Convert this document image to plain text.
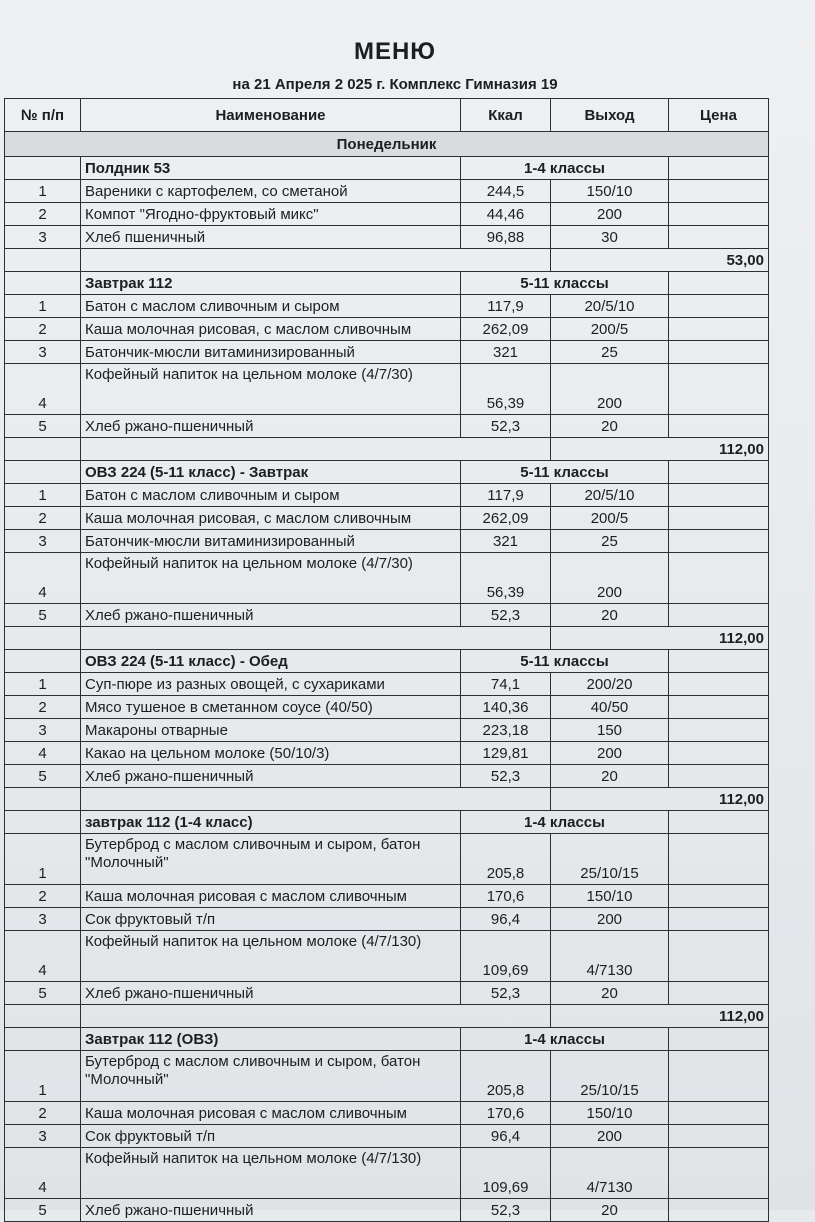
МЕНЮ
на 21 Апреля 2 025 г. Комплекс Гимназия 19
№ п/п	Наименование	Ккал	Выход	Цена
Понедельник				
	Полдник 53	1-4 классы		
1	Вареники с картофелем, со сметаной	244,5	150/10	
2	Компот "Ягодно-фруктовый микс"	44,46	200	
3	Хлеб пшеничный	96,88	30	
			53,00	
	Завтрак 112	5-11 классы		
1	Батон с маслом сливочным и сыром	117,9	20/5/10	
2	Каша молочная рисовая, с маслом сливочным	262,09	200/5	
3	Батончик-мюсли витаминизированный	321	25	
4	Кофейный напиток на цельном молоке (4/7/30)	56,39	200	
5	Хлеб ржано-пшеничный	52,3	20	
			112,00	
	ОВЗ 224 (5-11 класс) - Завтрак	5-11 классы		
1	Батон с маслом сливочным и сыром	117,9	20/5/10	
2	Каша молочная рисовая, с маслом сливочным	262,09	200/5	
3	Батончик-мюсли витаминизированный	321	25	
4	Кофейный напиток на цельном молоке (4/7/30)	56,39	200	
5	Хлеб ржано-пшеничный	52,3	20	
			112,00	
	ОВЗ 224 (5-11 класс) - Обед	5-11 классы		
1	Суп-пюре из разных овощей, с сухариками	74,1	200/20	
2	Мясо тушеное в сметанном соусе (40/50)	140,36	40/50	
3	Макароны отварные	223,18	150	
4	Какао на цельном молоке (50/10/3)	129,81	200	
5	Хлеб ржано-пшеничный	52,3	20	
			112,00	
	завтрак 112 (1-4 класс)	1-4 классы		
1	Бутерброд с маслом сливочным и сыром, батон "Молочный"	205,8	25/10/15	
2	Каша молочная рисовая с маслом сливочным	170,6	150/10	
3	Сок фруктовый т/п	96,4	200	
4	Кофейный напиток на цельном молоке (4/7/130)	109,69	4/7130	
5	Хлеб ржано-пшеничный	52,3	20	
			112,00	
	Завтрак 112 (ОВЗ)	1-4 классы		
1	Бутерброд с маслом сливочным и сыром, батон "Молочный"	205,8	25/10/15	
2	Каша молочная рисовая с маслом сливочным	170,6	150/10	
3	Сок фруктовый т/п	96,4	200	
4	Кофейный напиток на цельном молоке (4/7/130)	109,69	4/7130	
5	Хлеб ржано-пшеничный	52,3	20	
